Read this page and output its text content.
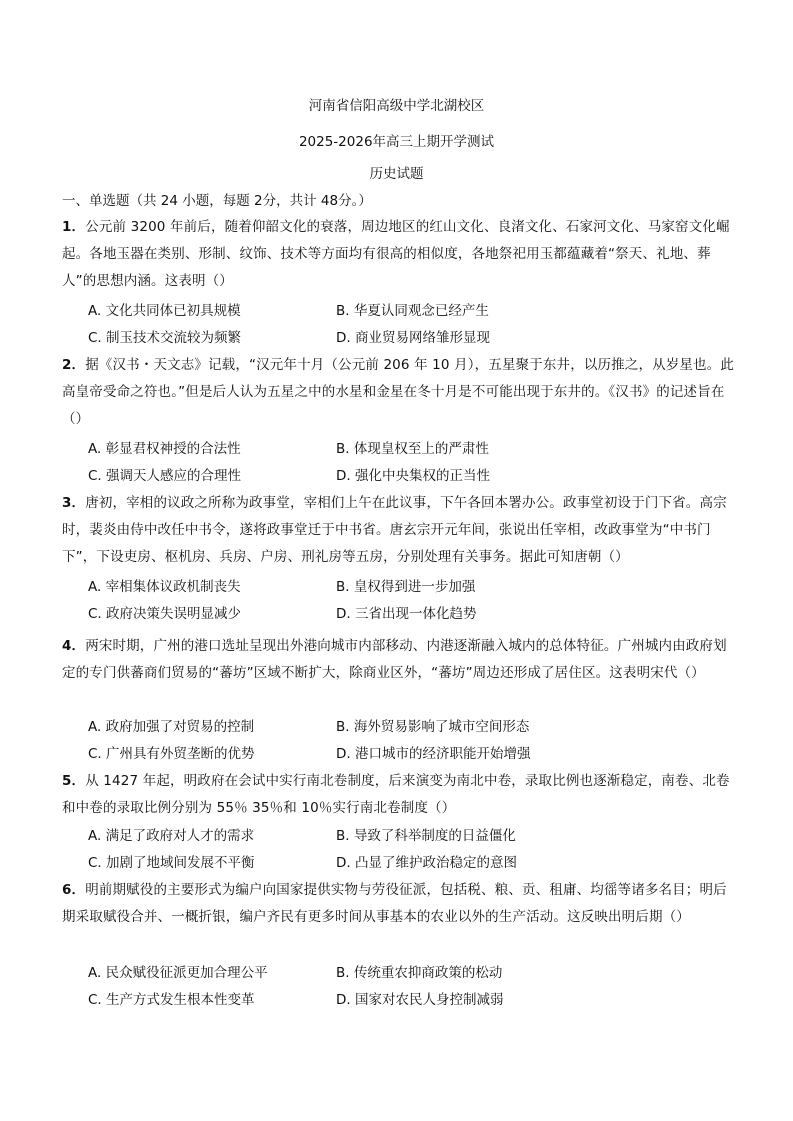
河南省信阳高级中学北湖校区
2025-2026年高三上期开学测试
历史试题
一、单选题（共 24 小题，每题 2分，共计 48分。）
1．公元前 3200 年前后，随着仰韶文化的衰落，周边地区的红山文化、良渚文化、石家河文化、马家窑文化崛起。各地玉器在类别、形制、纹饰、技术等方面均有很高的相似度，各地祭祀用玉都蕴藏着“祭天、礼地、葬人”的思想内涵。这表明（）
A. 文化共同体已初具规模	B. 华夏认同观念已经产生
C. 制玉技术交流较为频繁	D. 商业贸易网络雏形显现
2．据《汉书・天文志》记载，“汉元年十月（公元前 206 年 10 月），五星聚于东井，以历推之，从岁星也。此高皇帝受命之符也。”但是后人认为五星之中的水星和金星在冬十月是不可能出现于东井的。《汉书》的记述旨在（）
A. 彰显君权神授的合法性	B. 体现皇权至上的严肃性
C. 强调天人感应的合理性	D. 强化中央集权的正当性
3．唐初，宰相的议政之所称为政事堂，宰相们上午在此议事，下午各回本署办公。政事堂初设于门下省。高宗时，裴炎由侍中改任中书令，遂将政事堂迁于中书省。唐玄宗开元年间，张说出任宰相，改政事堂为“中书门下”，下设吏房、枢机房、兵房、户房、刑礼房等五房，分别处理有关事务。据此可知唐朝（）
A. 宰相集体议政机制丧失	B. 皇权得到进一步加强
C. 政府决策失误明显减少	D. 三省出现一体化趋势
4．两宋时期，广州的港口选址呈现出外港向城市内部移动、内港逐渐融入城内的总体特征。广州城内由政府划定的专门供蕃商们贸易的“蕃坊”区域不断扩大，除商业区外，“蕃坊”周边还形成了居住区。这表明宋代（）
A. 政府加强了对贸易的控制	B. 海外贸易影响了城市空间形态
C. 广州具有外贸垄断的优势	D. 港口城市的经济职能开始增强
5．从 1427 年起，明政府在会试中实行南北卷制度，后来演变为南北中卷，录取比例也逐渐稳定，南卷、北卷和中卷的录取比例分别为 55％ 35％和 10％实行南北卷制度（）
A. 满足了政府对人才的需求	B. 导致了科举制度的日益僵化
C. 加剧了地域间发展不平衡	D. 凸显了维护政治稳定的意图
6．明前期赋役的主要形式为编户向国家提供实物与劳役征派，包括税、粮、贡、租庸、均徭等诸多名目；明后期采取赋役合并、一概折银，编户齐民有更多时间从事基本的农业以外的生产活动。这反映出明后期（）
A. 民众赋役征派更加合理公平	B. 传统重农抑商政策的松动
C. 生产方式发生根本性变革	D. 国家对农民人身控制减弱
